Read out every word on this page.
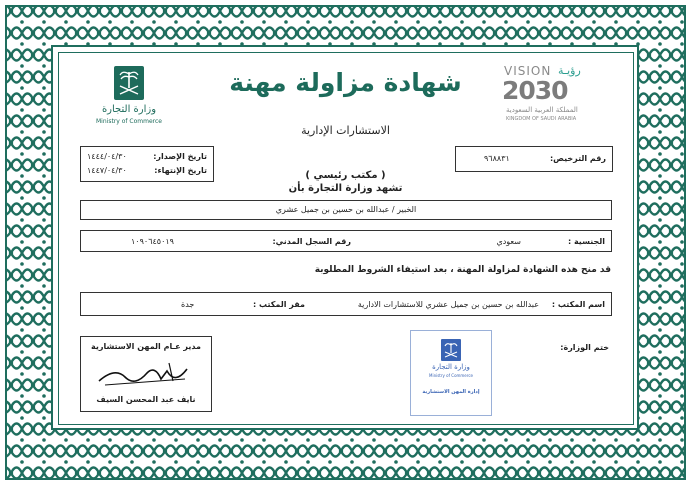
VISION رؤيـة
2030
المملكة العربية السعودية
KINGDOM OF SAUDI ARABIA
وزارة التجارة
Ministry of Commerce
شهادة مزاولة مهنة
الاستشارات الإدارية
رقم الترخيص:
٩٦٨٨٣١
تاريخ الإصدار:
١٤٤٤/٠٤/٣٠
تاريخ الإنتهاء:
١٤٤٧/٠٤/٣٠	( مكتب رئيسي )
تشهد وزارة التجارة بأن
الخبير / عبدالله بن حسين بن جميل عشري
الجنسية :
سعودي
رقم السجل المدني:
١٠٩٠٦٤٥٠١٩
قد منح هذه الشهادة لمزاولة المهنة ، بعد استيفاء الشروط المطلوبة
اسم المكتب :
عبدالله بن حسين بن جميل عشري للاستشارات الادارية
مقر المكتب :
جدة
مدير عـام المهن الاستشارية
نايف عبد المحسن السيف
ختم الوزارة:
وزارة التجارة
Ministry of Commerce
إدارة المهن الاستشارية
